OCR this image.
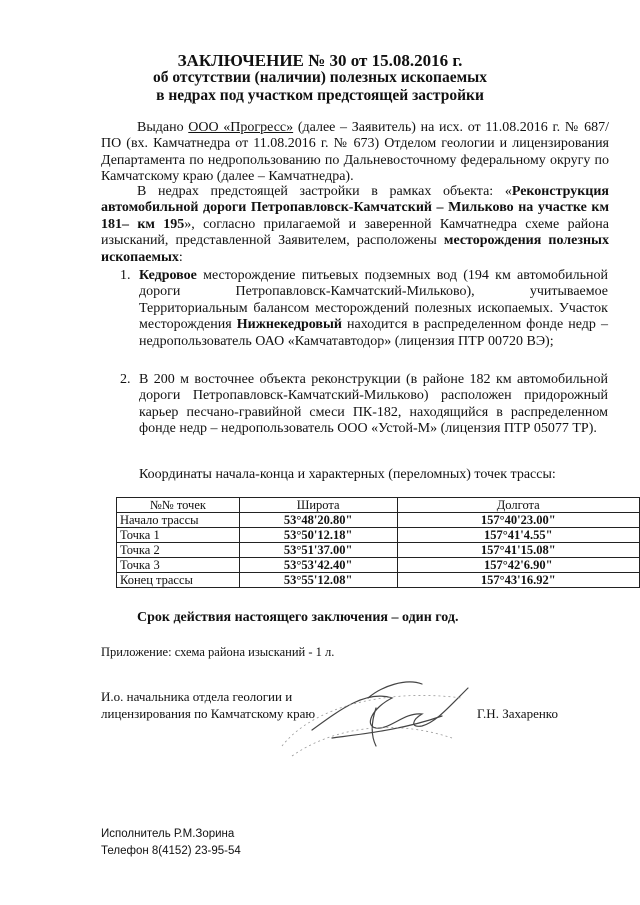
ЗАКЛЮЧЕНИЕ № 30 от 15.08.2016 г.
об отсутствии (наличии) полезных ископаемых
в недрах под участком предстоящей застройки
Выдано ООО «Прогресс» (далее – Заявитель) на исх. от 11.08.2016 г. № 687/ПО (вх. Камчатнедра от 11.08.2016 г. № 673) Отделом геологии и лицензирования Департамента по недропользованию по Дальневосточному федеральному округу по Камчатскому краю (далее – Камчатнедра).
В недрах предстоящей застройки в рамках объекта: «Реконструкция автомобильной дороги Петропавловск-Камчатский – Мильково на участке км 181– км 195», согласно прилагаемой и заверенной Камчатнедра схеме района изысканий, представленной Заявителем, расположены месторождения полезных ископаемых:
1. Кедровое месторождение питьевых подземных вод (194 км автомобильной дороги Петропавловск-Камчатский-Мильково), учитываемое Территориальным балансом месторождений полезных ископаемых. Участок месторождения Нижнекедровый находится в распределенном фонде недр – недропользователь ОАО «Камчатавтодор» (лицензия ПТР 00720 ВЭ);
2. В 200 м восточнее объекта реконструкции (в районе 182 км автомобильной дороги Петропавловск-Камчатский-Мильково) расположен придорожный карьер песчано-гравийной смеси ПК-182, находящийся в распределенном фонде недр – недропользователь ООО «Устой-М» (лицензия ПТР 05077 ТР).
Координаты начала-конца и характерных (переломных) точек трассы:
№№ точек	Широта	Долгота
Начало трассы	53°48'20.80"	157°40'23.00"
Точка 1	53°50'12.18"	157°41'4.55"
Точка 2	53°51'37.00"	157°41'15.08"
Точка 3	53°53'42.40"	157°42'6.90"
Конец трассы	53°55'12.08"	157°43'16.92"
Срок действия настоящего заключения – один год.
Приложение: схема района изысканий - 1 л.
И.о. начальника отдела геологии и
лицензирования по Камчатскому краю	Г.Н. Захаренко
Исполнитель Р.М.Зорина
Телефон 8(4152) 23-95-54
